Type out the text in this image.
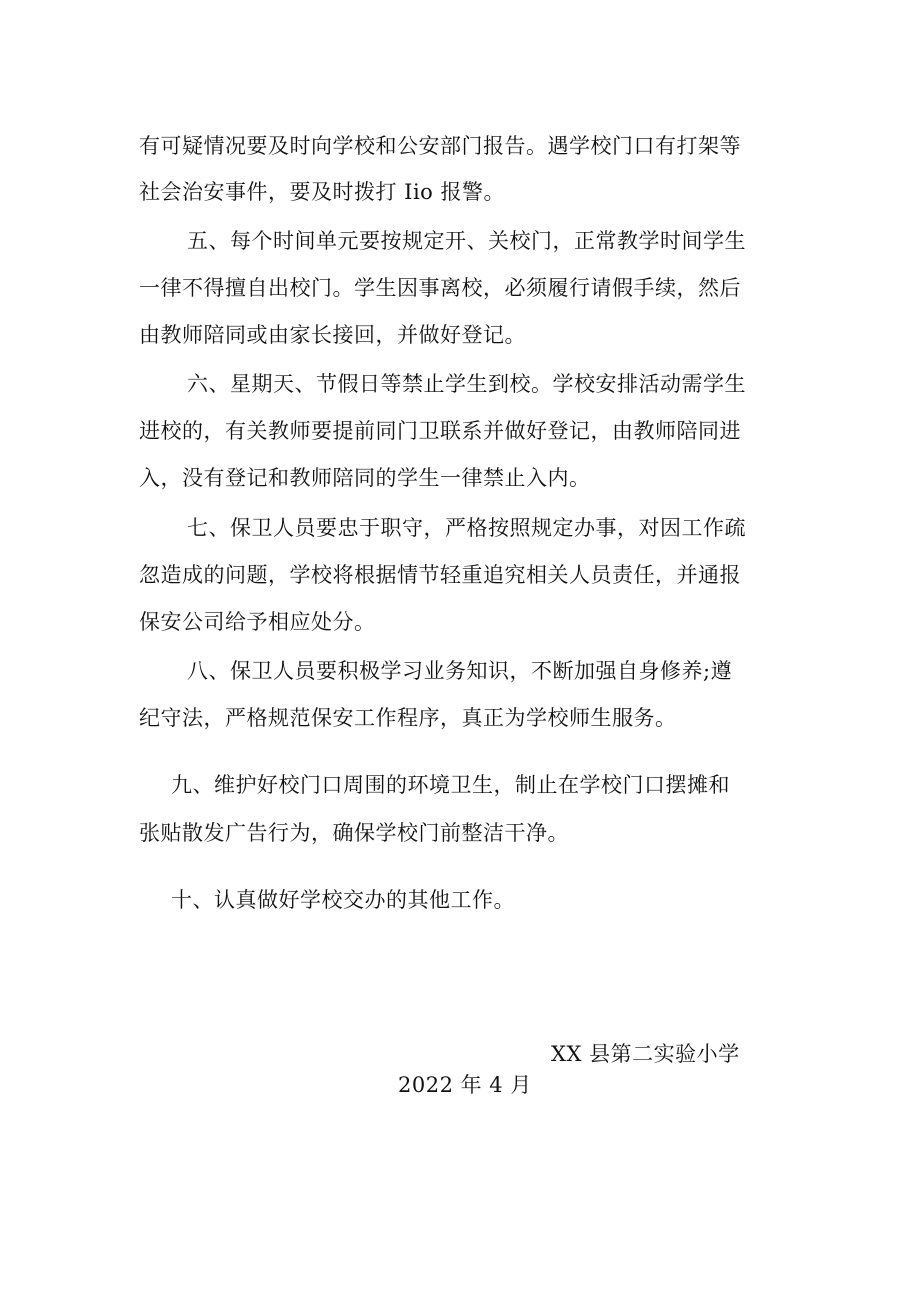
有可疑情况要及时向学校和公安部门报告。遇学校门口有打架等
社会治安事件，要及时拨打 Iio 报警。
五、每个时间单元要按规定开、关校门，正常教学时间学生
一律不得擅自出校门。学生因事离校，必须履行请假手续，然后
由教师陪同或由家长接回，并做好登记。
六、星期天、节假日等禁止学生到校。学校安排活动需学生
进校的，有关教师要提前同门卫联系并做好登记，由教师陪同进
入，没有登记和教师陪同的学生一律禁止入内。
七、保卫人员要忠于职守，严格按照规定办事，对因工作疏
忽造成的问题，学校将根据情节轻重追究相关人员责任，并通报
保安公司给予相应处分。
八、保卫人员要积极学习业务知识，不断加强自身修养;遵
纪守法，严格规范保安工作程序，真正为学校师生服务。
九、维护好校门口周围的环境卫生，制止在学校门口摆摊和
张贴散发广告行为，确保学校门前整洁干净。
十、认真做好学校交办的其他工作。
XX 县第二实验小学
2022 年 4 月
